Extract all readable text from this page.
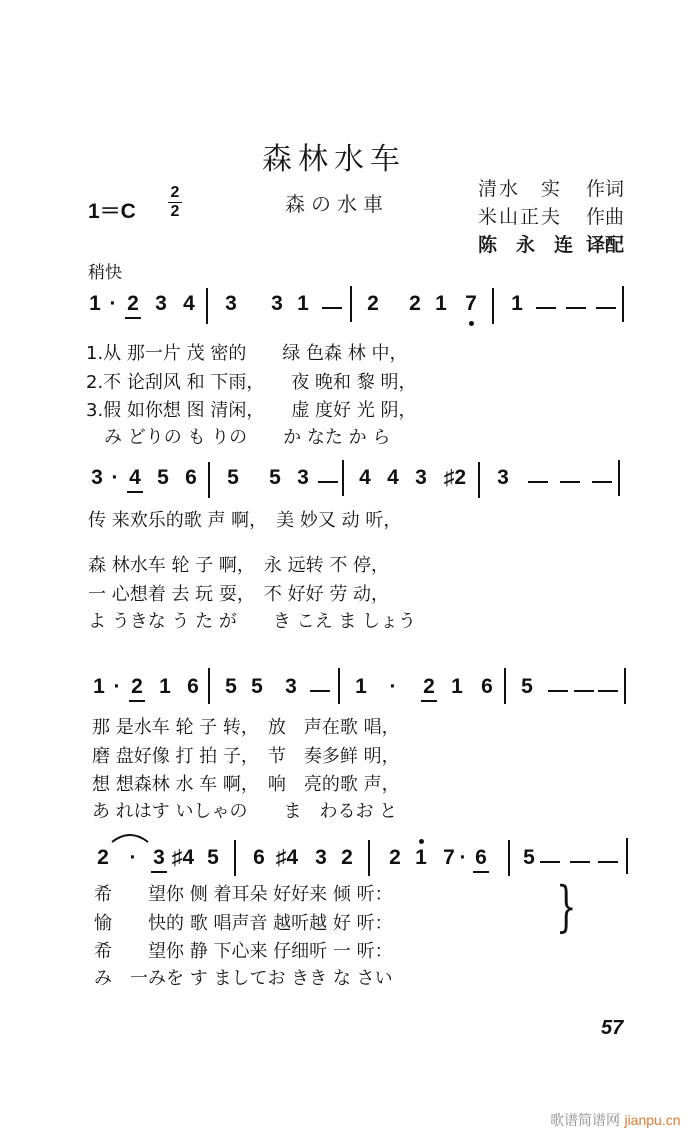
森林水车
森の水車
1＝C
2
2
清水　实 作词
米山正夫 作曲
陈　永　连 译配
稍快
1 · 2 3 4 3 3 1	2 2 1 7 1
1.从 那一片 茂 密的　　绿 色森 林 中，
2.不 论刮风 和 下雨，　　夜 晚和 黎 明，
3.假 如你想 图 清闲，　　虚 度好 光 阴，
　み どりの も りの　　か なた か ら
3 · 4 5 6 5 5 3 4 4 3 ♯2 3
传 来欢乐的歌 声 啊，　美 妙又 动 听，
森 林水车 轮 子 啊，　永 远转 不 停，
一 心想着 去 玩 耍，　不 好好 劳 动，
よ うきな う た が　　き こえ ま しょう
1 · 2 1 6 5 5 3	1 · 2 1 6 5
那 是水车 轮 子 转，　放　声在歌 唱，
磨 盘好像 打 拍 子，　节　奏多鲜 明，
想 想森林 水 车 啊，　响　亮的歌 声，
あ れはす いしゃの　　ま　わるお と
2 · 3 ♯4 5 6 ♯4 3 2 2 1 7 · 6 5
希　　望你 侧 着耳朵 好好来 倾 听：
愉　　快的 歌 唱声音 越听越 好 听：
希　　望你 静 下心来 仔细听 一 听：
み　一みを す ましてお きき な さい
}
57
歌谱简谱网 jianpu.cn
